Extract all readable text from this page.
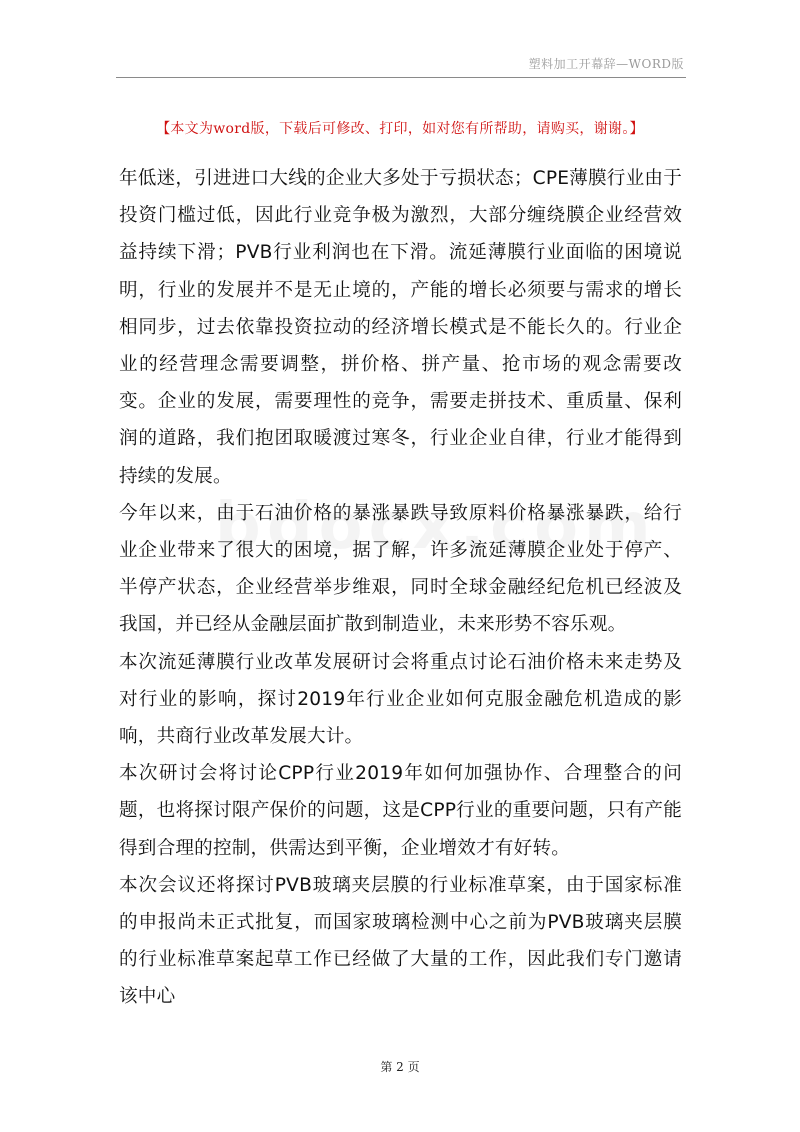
塑料加工开幕辞—WORD版
【本文为word版，下载后可修改、打印，如对您有所帮助，请购买，谢谢。】

年低迷，引进进口大线的企业大多处于亏损状态；CPE薄膜行业由于投资门槛过低，因此行业竞争极为激烈，大部分缠绕膜企业经营效益持续下滑；PVB行业利润也在下滑。流延薄膜行业面临的困境说明，行业的发展并不是无止境的，产能的增长必须要与需求的增长相同步，过去依靠投资拉动的经济增长模式是不能长久的。行业企业的经营理念需要调整，拼价格、拼产量、抢市场的观念需要改变。企业的发展，需要理性的竞争，需要走拼技术、重质量、保利润的道路，我们抱团取暖渡过寒冬，行业企业自律，行业才能得到持续的发展。

今年以来，由于石油价格的暴涨暴跌导致原料价格暴涨暴跌，给行业企业带来了很大的困境，据了解，许多流延薄膜企业处于停产、半停产状态，企业经营举步维艰，同时全球金融经纪危机已经波及我国，并已经从金融层面扩散到制造业，未来形势不容乐观。

本次流延薄膜行业改革发展研讨会将重点讨论石油价格未来走势及对行业的影响，探讨2019年行业企业如何克服金融危机造成的影响，共商行业改革发展大计。

本次研讨会将讨论CPP行业2019年如何加强协作、合理整合的问题，也将探讨限产保价的问题，这是CPP行业的重要问题，只有产能得到合理的控制，供需达到平衡，企业增效才有好转。

本次会议还将探讨PVB玻璃夹层膜的行业标准草案，由于国家标准的申报尚未正式批复，而国家玻璃检测中心之前为PVB玻璃夹层膜的行业标准草案起草工作已经做了大量的工作，因此我们专门邀请该中心

第 2 页
